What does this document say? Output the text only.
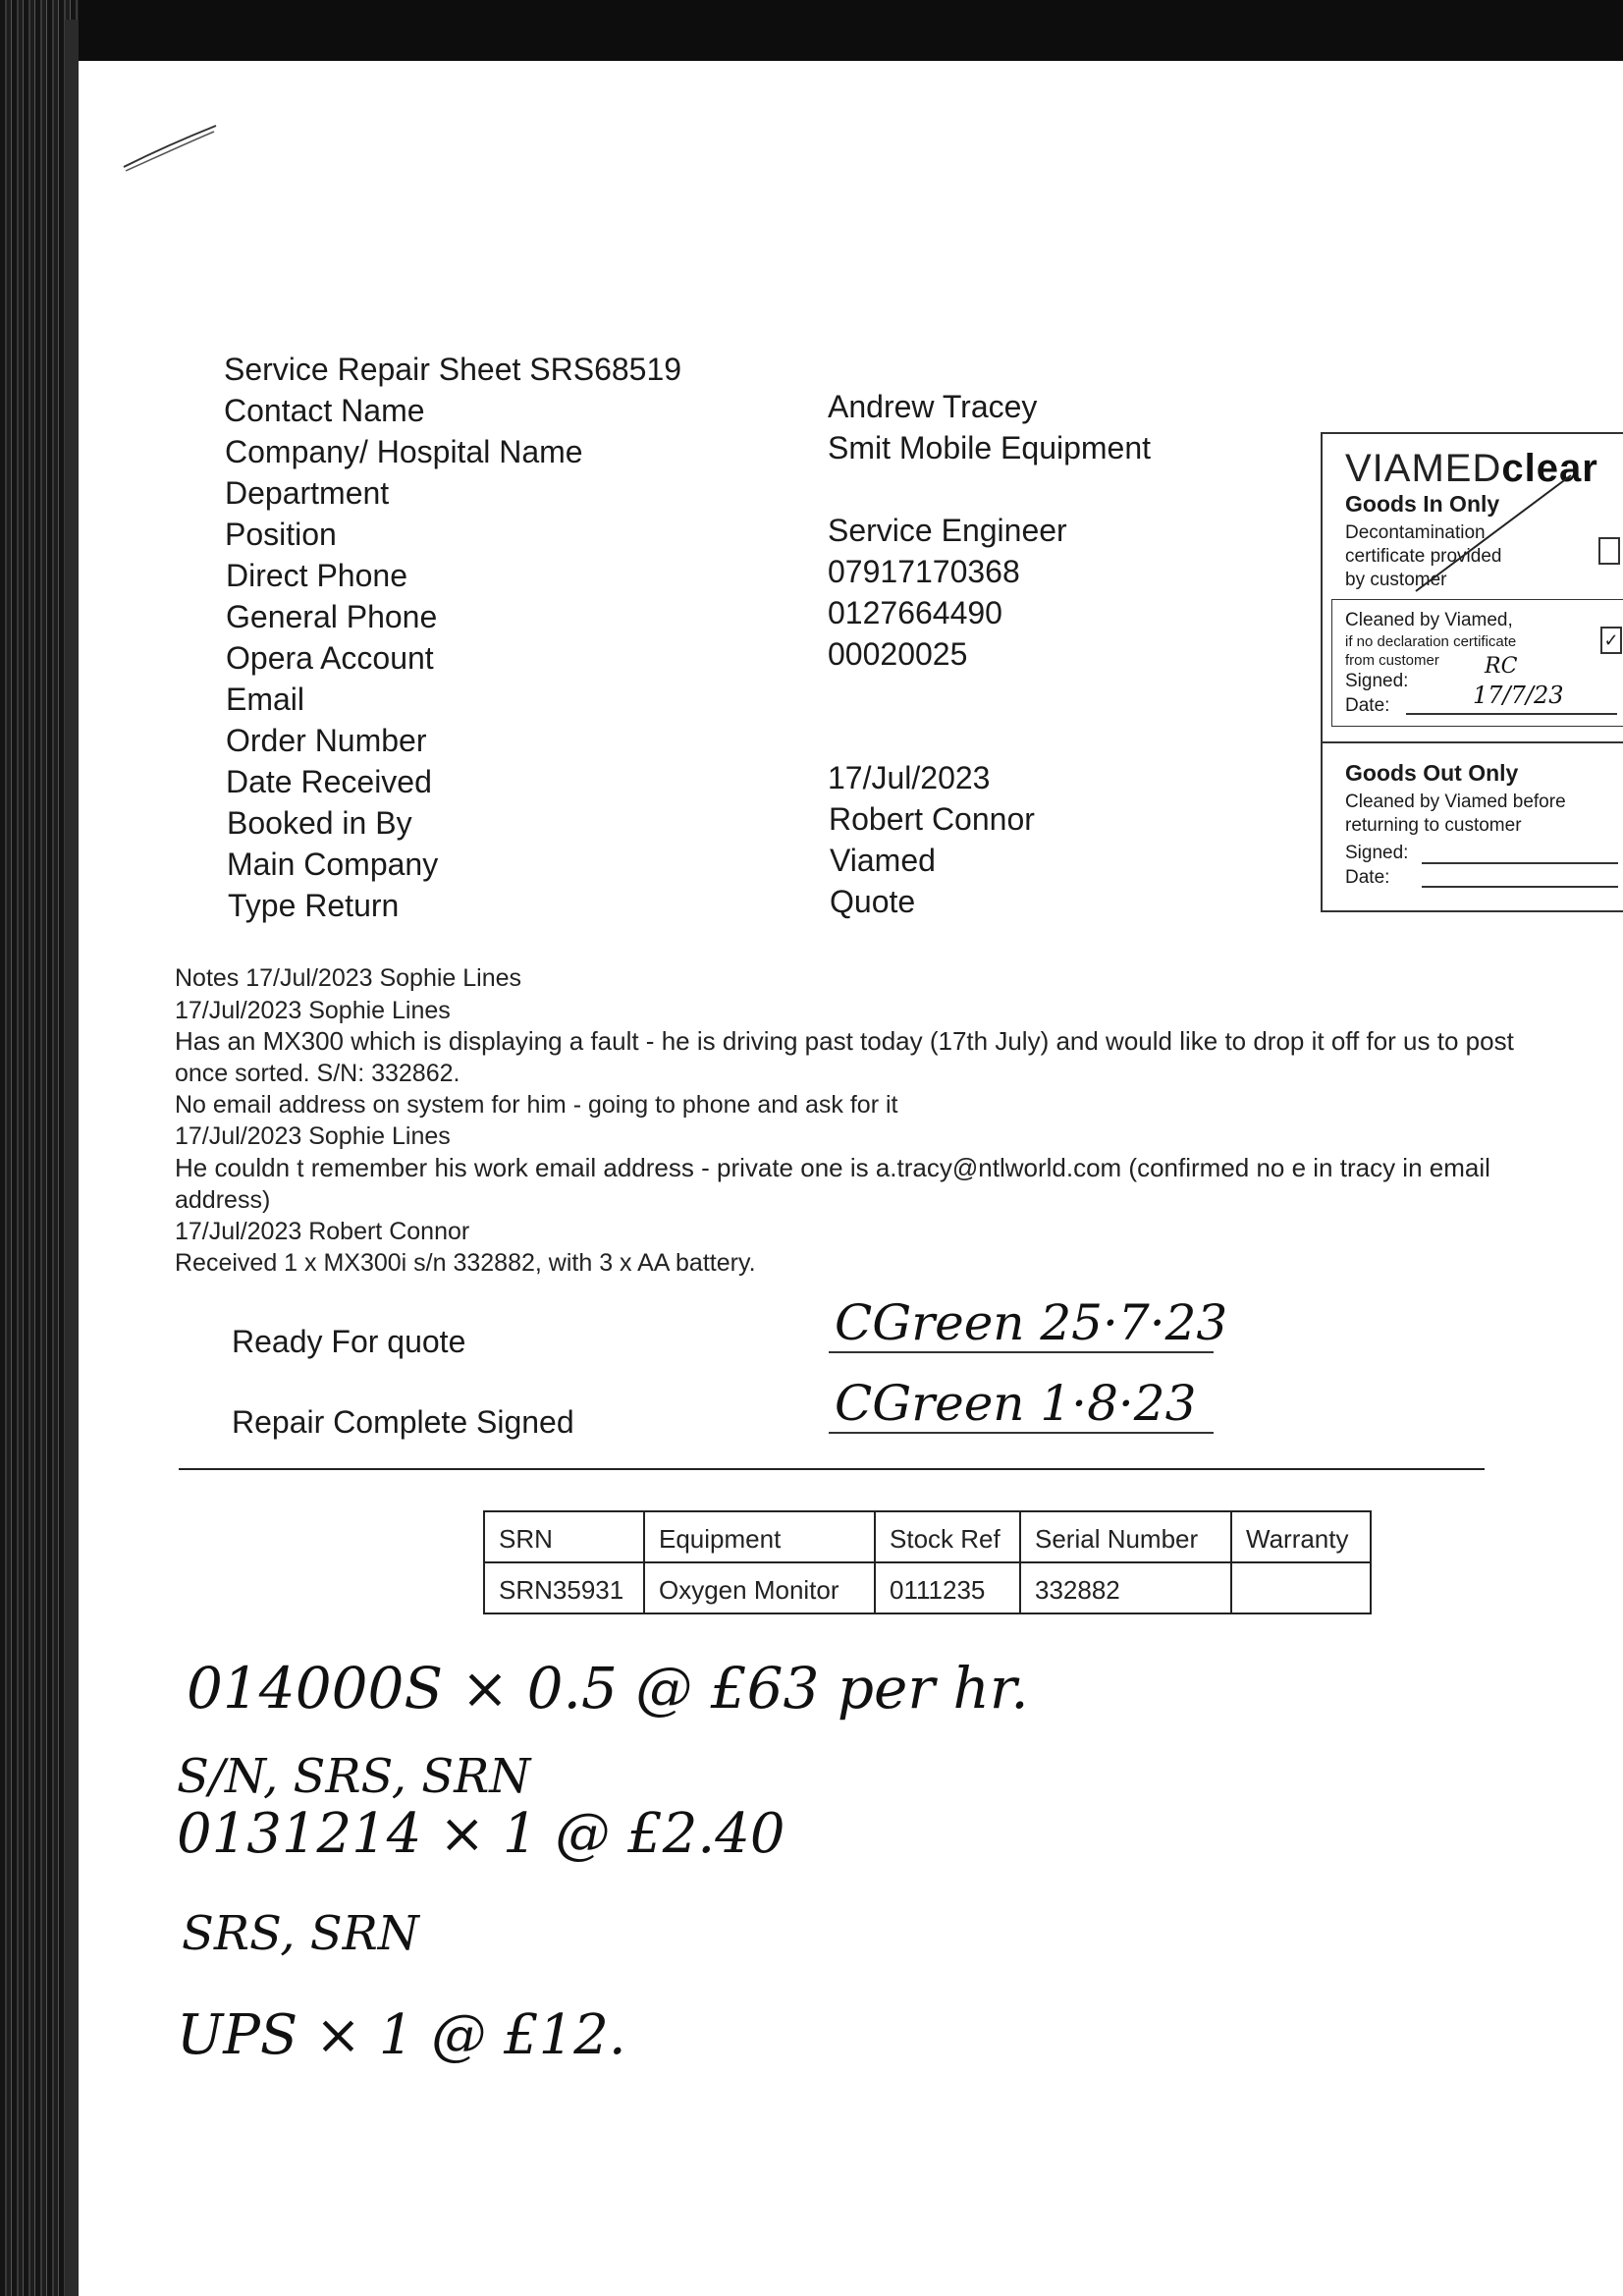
Service Repair Sheet SRS68519
Contact Name	Andrew Tracey
Company/ Hospital Name	Smit Mobile Equipment
Department
Position	Service Engineer
Direct Phone	07917170368
General Phone	0127664490
Opera Account	00020025
Email
Order Number
Date Received	17/Jul/2023
Booked in By	Robert Connor
Main Company	Viamed
Type Return	Quote
VIAMEDclear
Goods In Only
Decontamination
certificate provided
by customer
Cleaned by Viamed,
if no declaration certificate
from customer
✓
Signed:
RC
Date:	17/7/23
Goods Out Only
Cleaned by Viamed before
returning to customer
Signed:
Date:
Notes 17/Jul/2023 Sophie Lines
17/Jul/2023 Sophie Lines
Has an MX300 which is displaying a fault - he is driving past today (17th July) and would like to drop it off for us to post
once sorted. S/N: 332862.
No email address on system for him - going to phone and ask for it
17/Jul/2023 Sophie Lines
He couldn t remember his work email address - private one is a.tracy@ntlworld.com (confirmed no e in tracy in email
address)
17/Jul/2023 Robert Connor
Received 1 x MX300i s/n 332882, with 3 x AA battery.
Ready For quote	CGreen 25·7·23
Repair Complete Signed	CGreen 1·8·23
SRN	Equipment	Stock Ref	Serial Number	Warranty
SRN35931	Oxygen Monitor	0111235	332882	
014000S × 0.5 @ £63 per hr.
S/N, SRS, SRN
0131214 × 1 @ £2.40
SRS, SRN
UPS × 1 @ £12.
